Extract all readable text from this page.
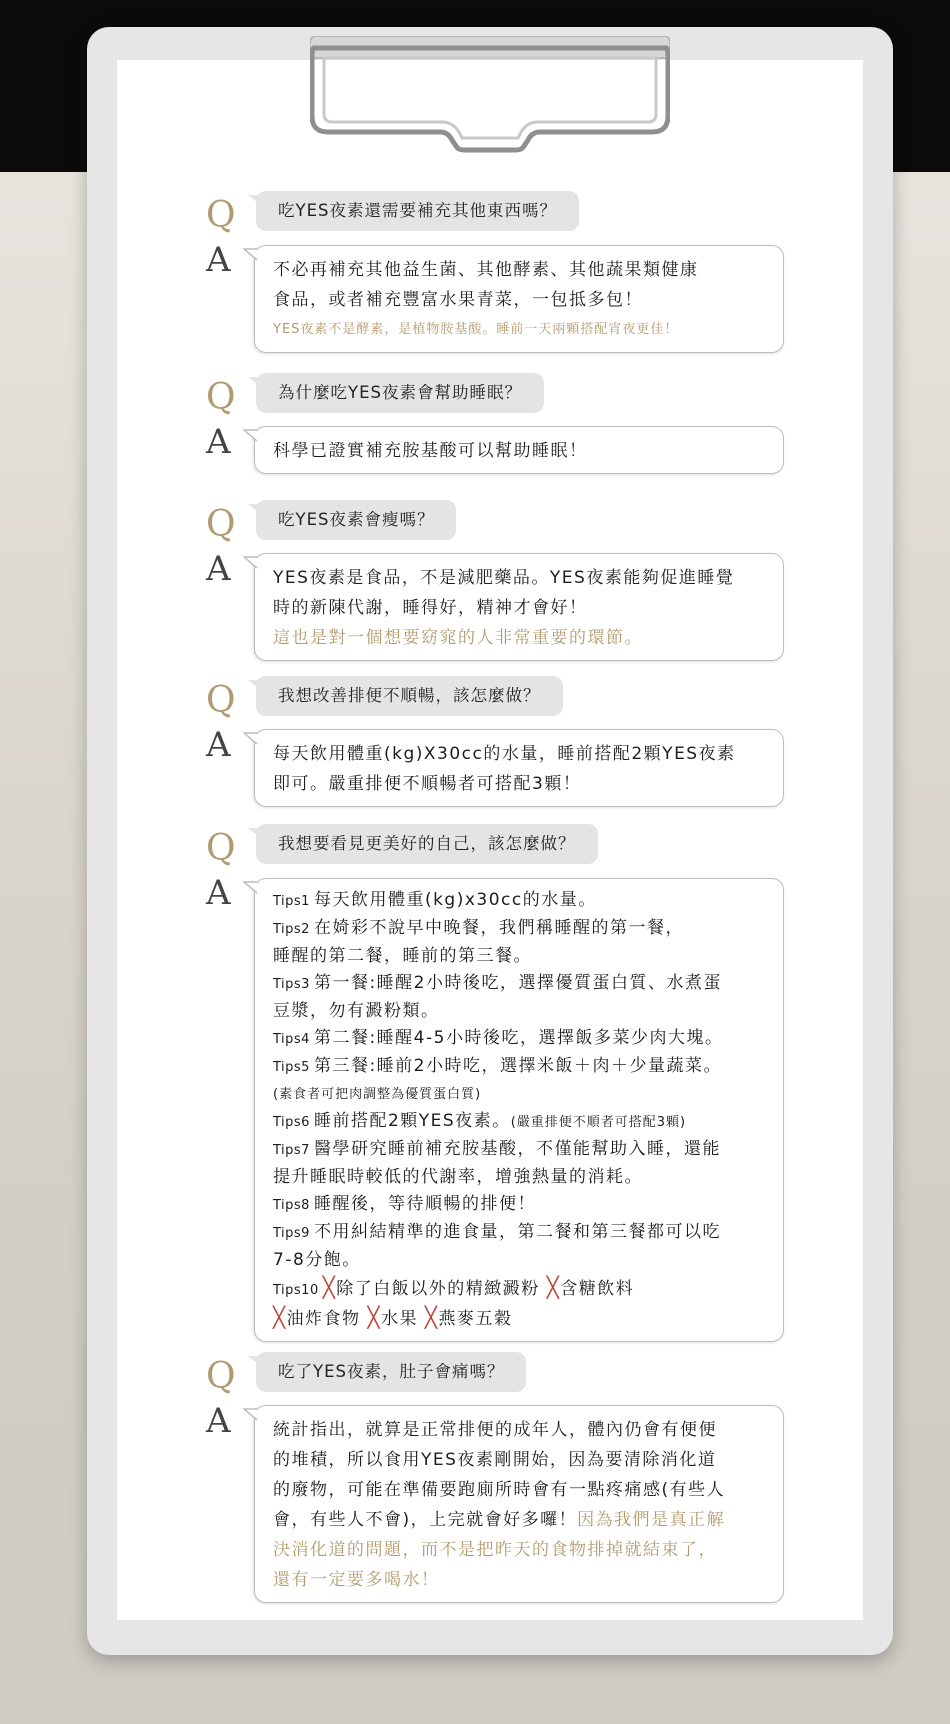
Q
A
吃YES夜素還需要補充其他東西嗎？
不必再補充其他益生菌、其他酵素、其他蔬果類健康
食品，或者補充豐富水果青菜，一包抵多包！
YES夜素不是酵素，是植物胺基酸。睡前一天兩顆搭配宵夜更佳！
Q
A
為什麼吃YES夜素會幫助睡眠？
科學已證實補充胺基酸可以幫助睡眠！
Q
A
吃YES夜素會瘦嗎？
YES夜素是食品，不是減肥藥品。YES夜素能夠促進睡覺
時的新陳代謝，睡得好，精神才會好！
這也是對一個想要窈窕的人非常重要的環節。
Q
A
我想改善排便不順暢，該怎麼做？
每天飲用體重(kg)X30cc的水量，睡前搭配2顆YES夜素
即可。嚴重排便不順暢者可搭配3顆！
Q
A
我想要看見更美好的自己，該怎麼做？
Tips1 每天飲用體重(kg)x30cc的水量。
Tips2 在婍彩不說早中晚餐，我們稱睡醒的第一餐，
睡醒的第二餐，睡前的第三餐。
Tips3 第一餐:睡醒2小時後吃，選擇優質蛋白質、水煮蛋
豆漿，勿有澱粉類。
Tips4 第二餐:睡醒4-5小時後吃，選擇飯多菜少肉大塊。
Tips5 第三餐:睡前2小時吃，選擇米飯＋肉＋少量蔬菜。
(素食者可把肉調整為優質蛋白質)
Tips6 睡前搭配2顆YES夜素。(嚴重排便不順者可搭配3顆)
Tips7 醫學研究睡前補充胺基酸，不僅能幫助入睡，還能
提升睡眠時較低的代謝率，增強熱量的消耗。
Tips8 睡醒後，等待順暢的排便！
Tips9 不用糾結精準的進食量，第二餐和第三餐都可以吃
7-8分飽。
Tips10 ╳除了白飯以外的精緻澱粉 ╳含糖飲料
╳油炸食物 ╳水果 ╳燕麥五穀
Q
A
吃了YES夜素，肚子會痛嗎？
統計指出，就算是正常排便的成年人，體內仍會有便便
的堆積，所以食用YES夜素剛開始，因為要清除消化道
的廢物，可能在準備要跑廁所時會有一點疼痛感(有些人
會，有些人不會)，上完就會好多囉！因為我們是真正解
決消化道的問題，而不是把昨天的食物排掉就結束了，
還有一定要多喝水！
